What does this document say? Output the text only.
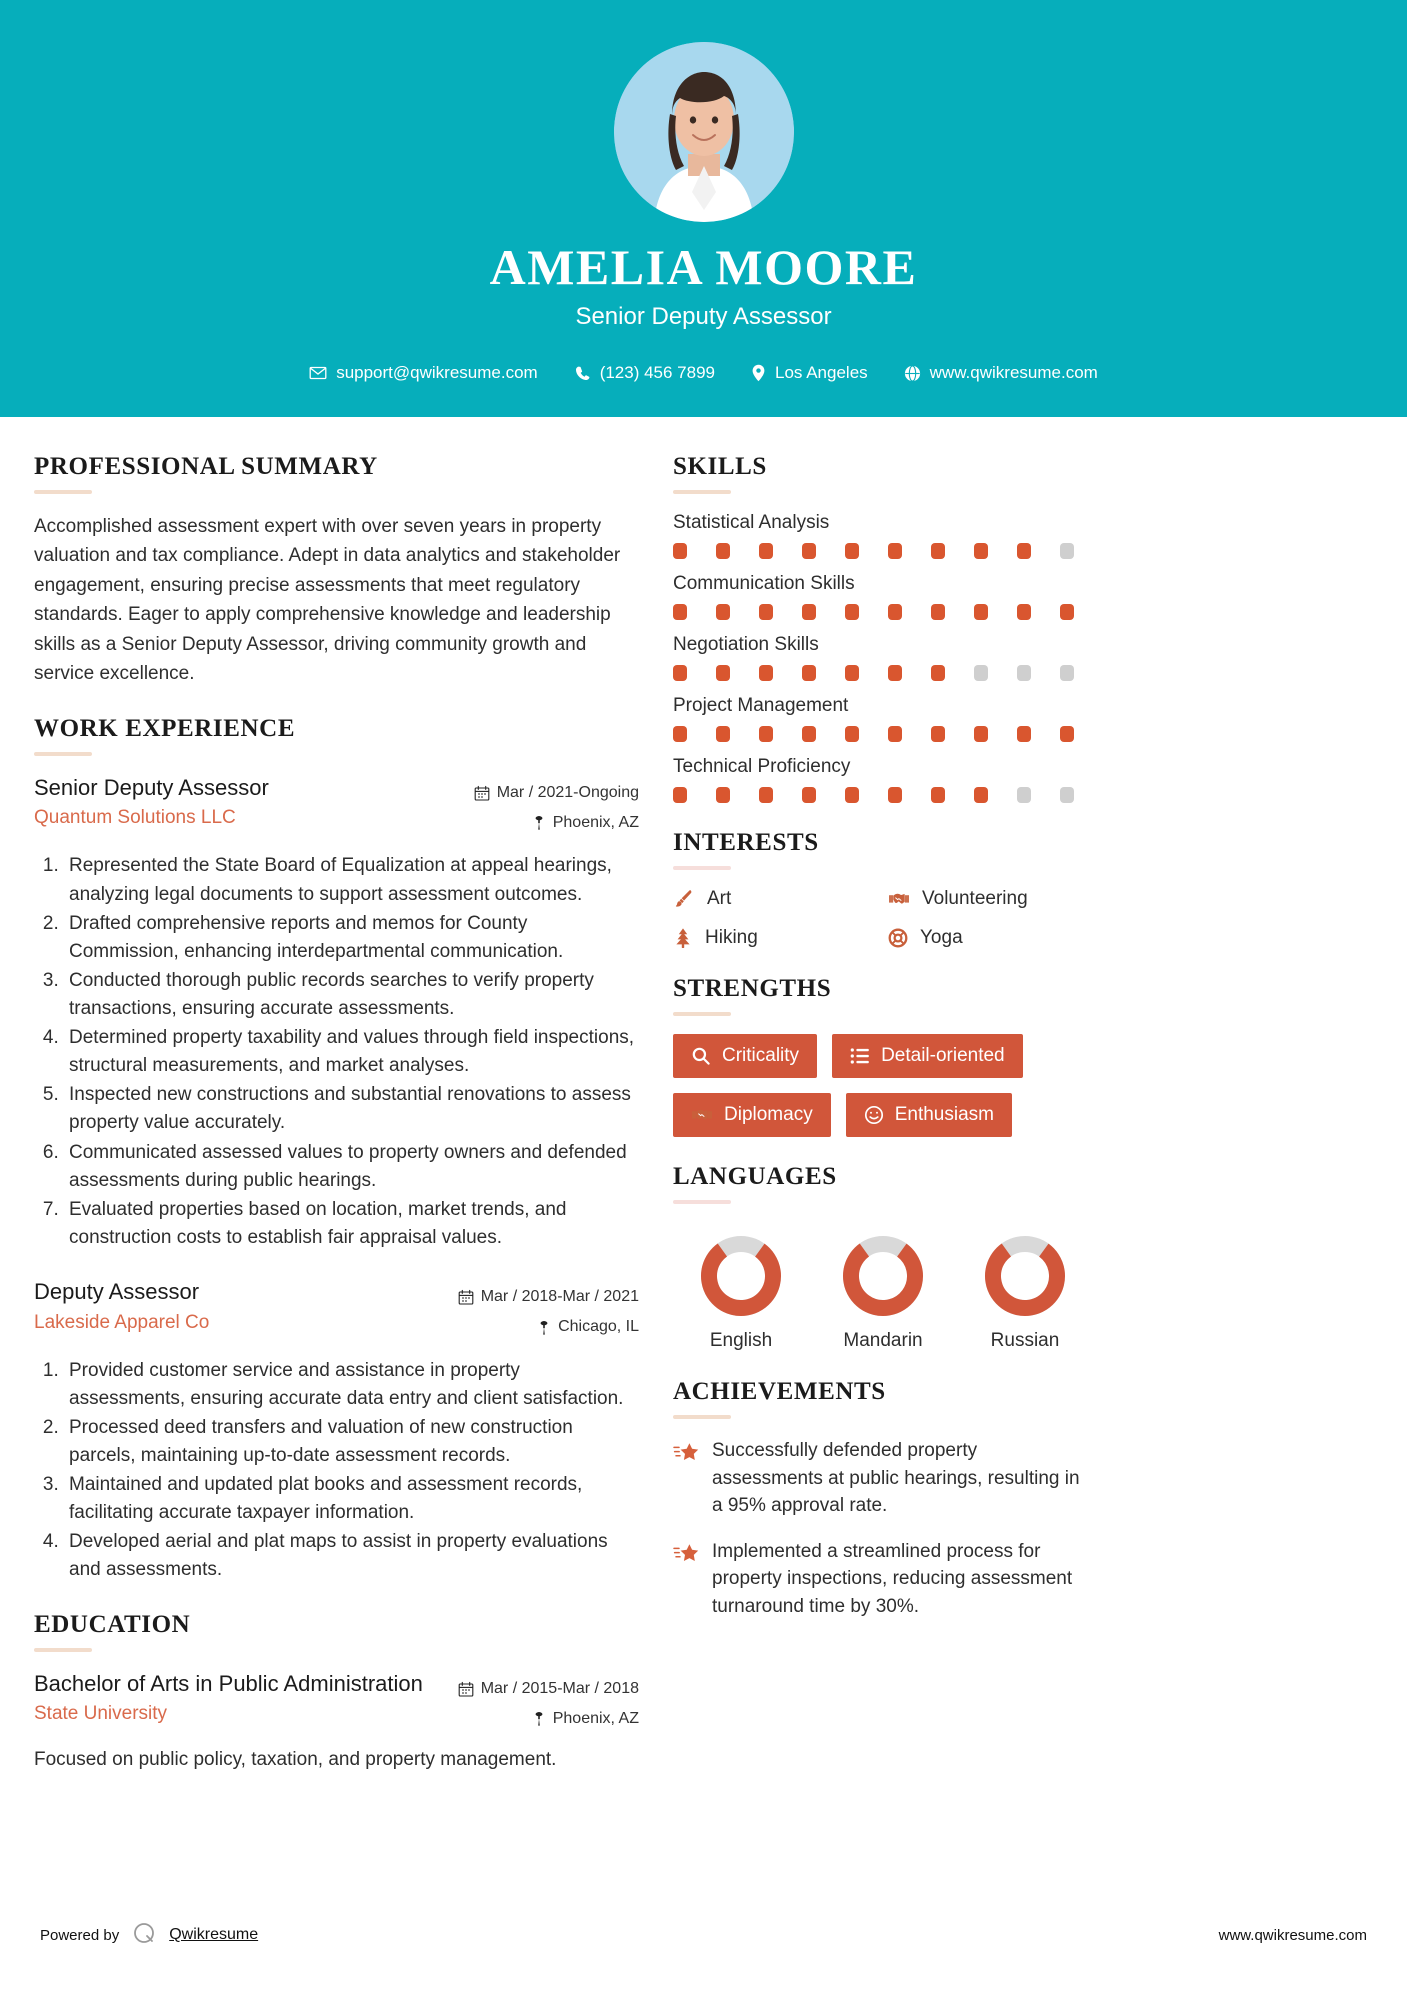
AMELIA MOORE
Senior Deputy Assessor
support@qwikresume.com	(123) 456 7899	Los Angeles	www.qwikresume.com
PROFESSIONAL SUMMARY
Accomplished assessment expert with over seven years in property valuation and tax compliance. Adept in data analytics and stakeholder engagement, ensuring precise assessments that meet regulatory standards. Eager to apply comprehensive knowledge and leadership skills as a Senior Deputy Assessor, driving community growth and service excellence.
WORK EXPERIENCE
Senior Deputy Assessor
Quantum Solutions LLC
Mar / 2021-Ongoing
Phoenix, AZ
1. Represented the State Board of Equalization at appeal hearings, analyzing legal documents to support assessment outcomes.
2. Drafted comprehensive reports and memos for County Commission, enhancing interdepartmental communication.
3. Conducted thorough public records searches to verify property transactions, ensuring accurate assessments.
4. Determined property taxability and values through field inspections, structural measurements, and market analyses.
5. Inspected new constructions and substantial renovations to assess property value accurately.
6. Communicated assessed values to property owners and defended assessments during public hearings.
7. Evaluated properties based on location, market trends, and construction costs to establish fair appraisal values.
Deputy Assessor
Lakeside Apparel Co
Mar / 2018-Mar / 2021
Chicago, IL
1. Provided customer service and assistance in property assessments, ensuring accurate data entry and client satisfaction.
2. Processed deed transfers and valuation of new construction parcels, maintaining up-to-date assessment records.
3. Maintained and updated plat books and assessment records, facilitating accurate taxpayer information.
4. Developed aerial and plat maps to assist in property evaluations and assessments.
EDUCATION
Bachelor of Arts in Public Administration
State University
Mar / 2015-Mar / 2018
Phoenix, AZ
Focused on public policy, taxation, and property management.
SKILLS
Statistical Analysis
Communication Skills
Negotiation Skills
Project Management
Technical Proficiency
INTERESTS
Art	Volunteering
Hiking	Yoga
STRENGTHS
Criticality	Detail-oriented
Diplomacy	Enthusiasm
LANGUAGES
English	Mandarin	Russian
ACHIEVEMENTS
Successfully defended property assessments at public hearings, resulting in a 95% approval rate.
Implemented a streamlined process for property inspections, reducing assessment turnaround time by 30%.
Powered by	Qwikresume	www.qwikresume.com
